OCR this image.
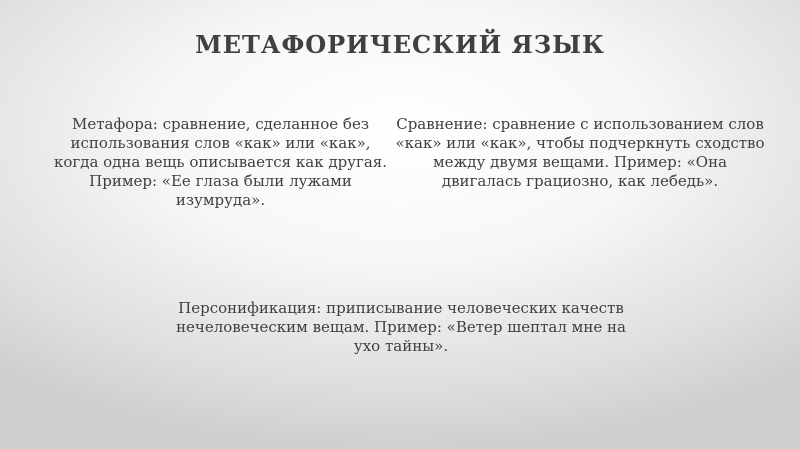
МЕТАФОРИЧЕСКИЙ ЯЗЫК

Метафора: сравнение, сделанное без использования слов «как» или «как», когда одна вещь описывается как другая. Пример: «Ее глаза были лужами изумруда».

Сравнение: сравнение с использованием слов «как» или «как», чтобы подчеркнуть сходство между двумя вещами. Пример: «Она двигалась грациозно, как лебедь».

Персонификация: приписывание человеческих качеств нечеловеческим вещам. Пример: «Ветер шептал мне на ухо тайны».
